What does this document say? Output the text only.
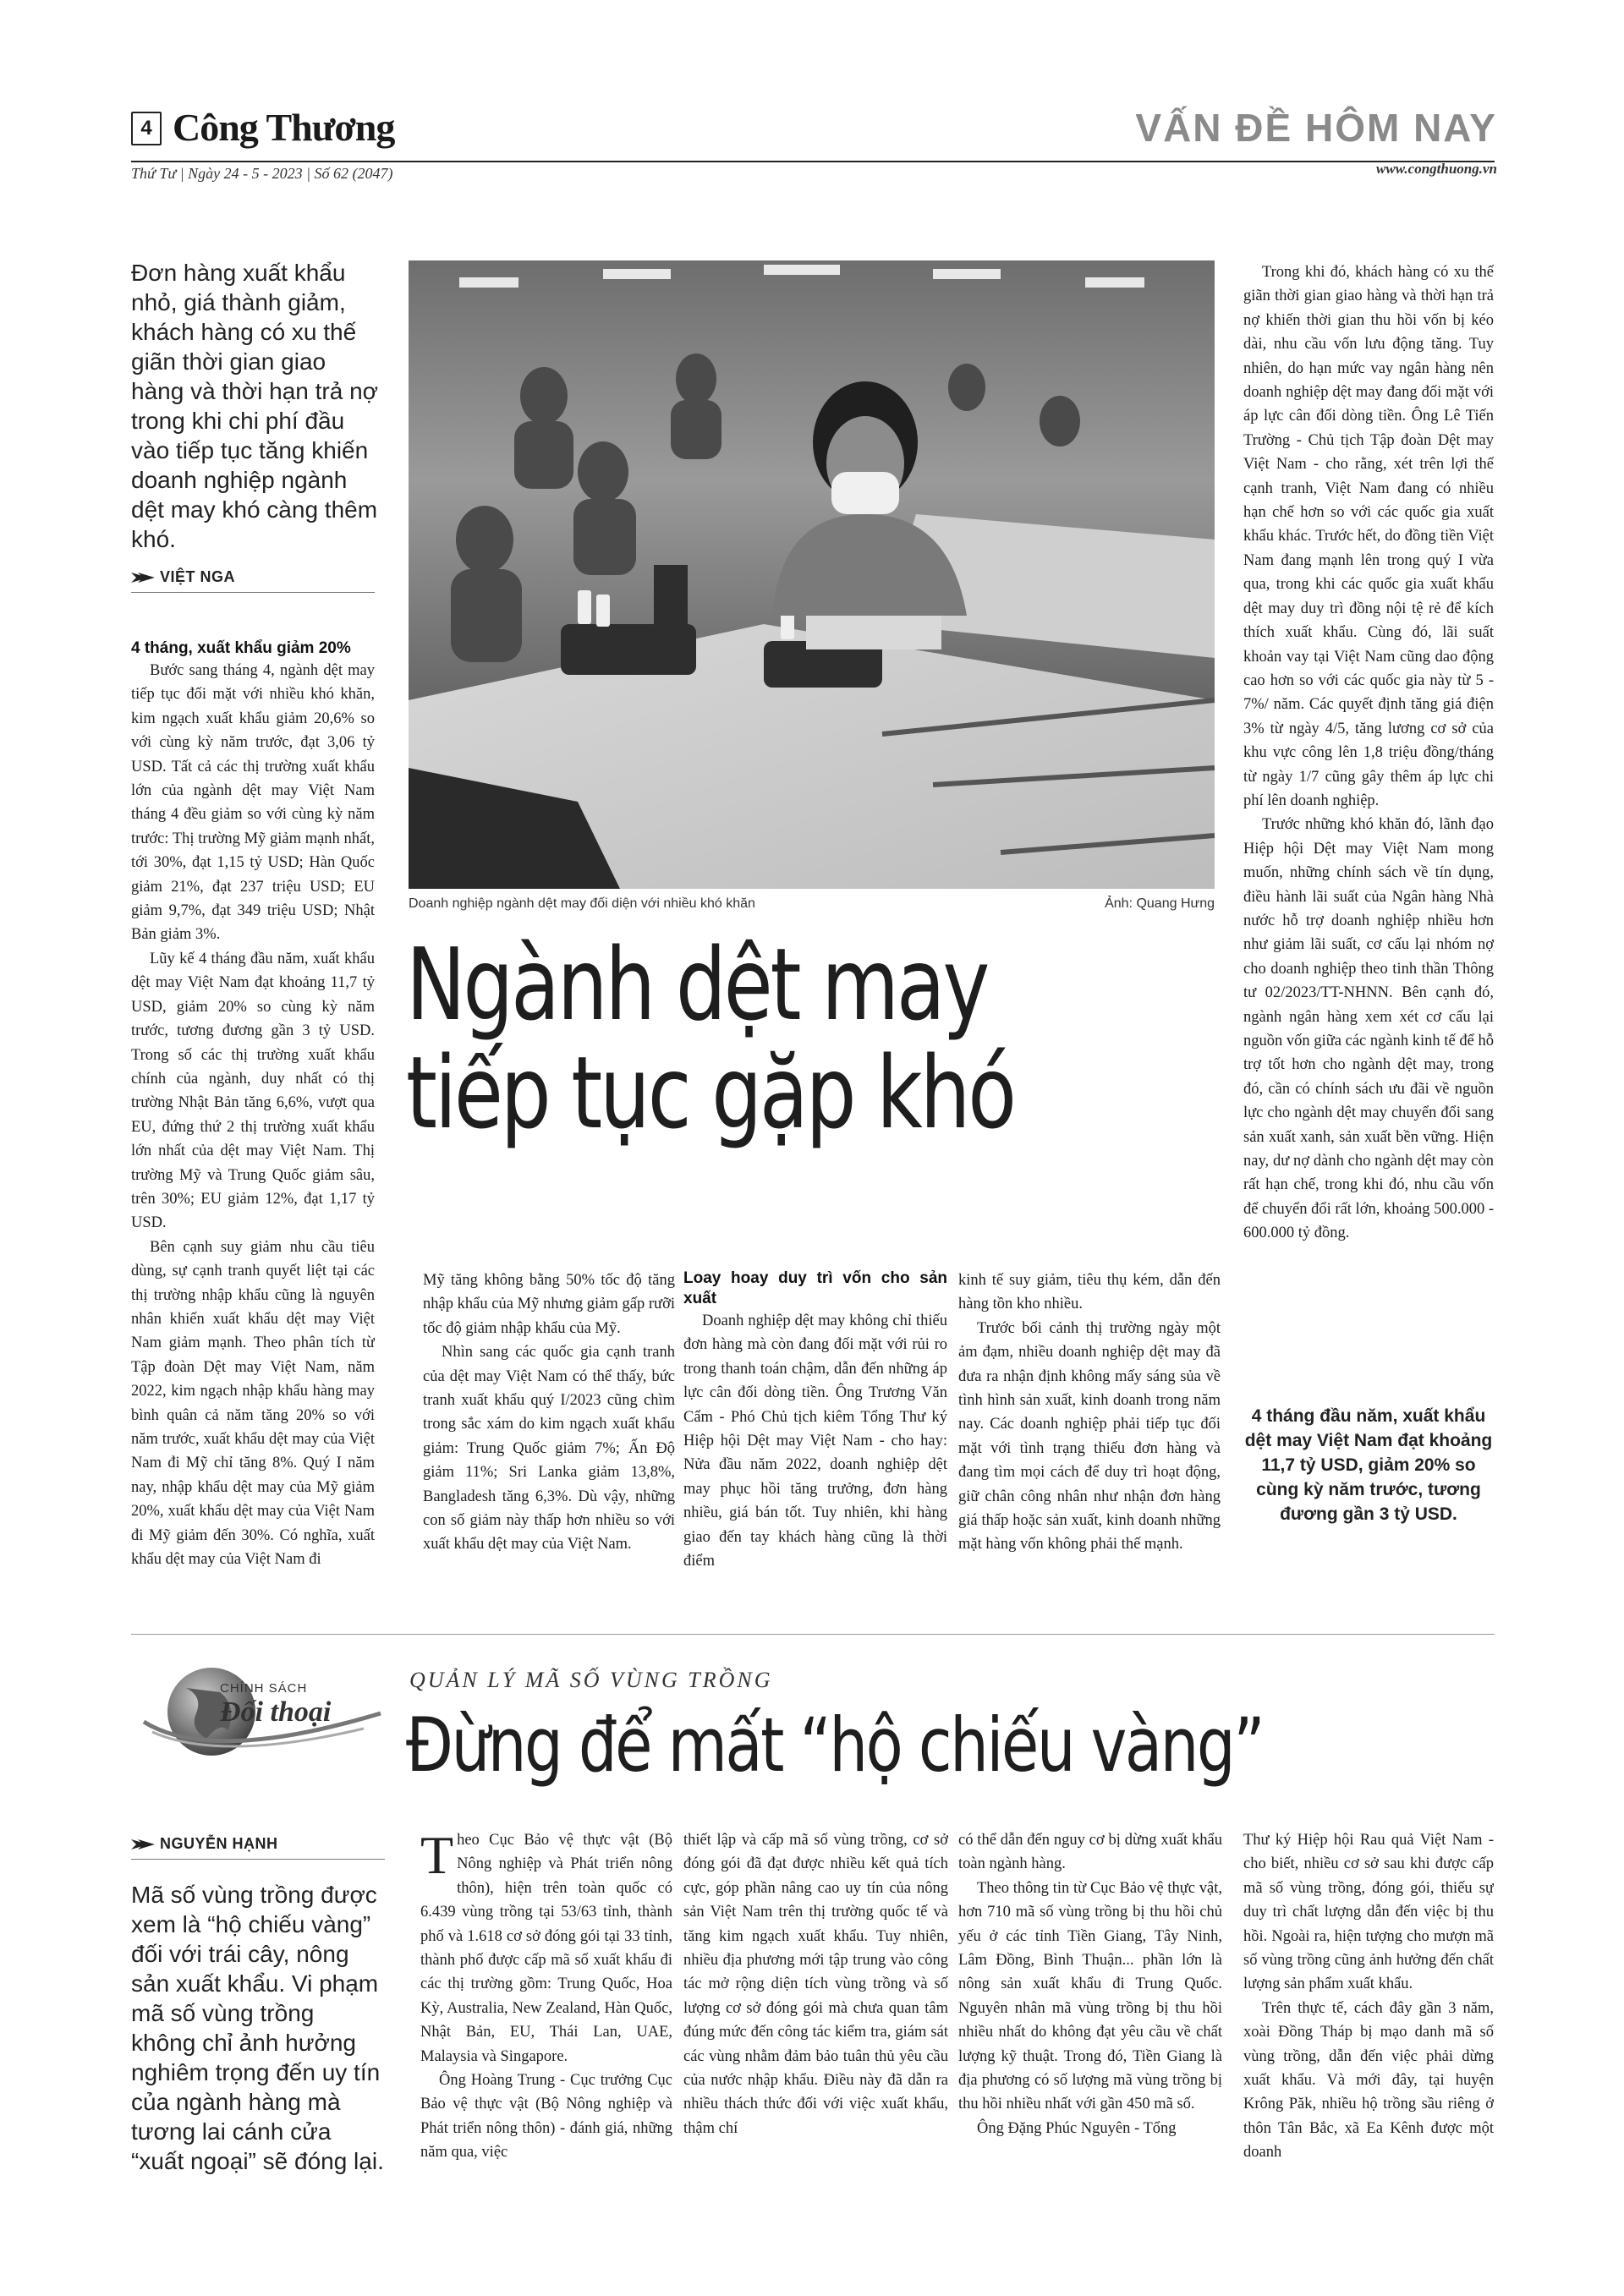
4 Công Thương	VẤN ĐỀ HÔM NAY
Thứ Tư | Ngày 24 - 5 - 2023 | Số 62 (2047)	www.congthuong.vn
Đơn hàng xuất khẩu nhỏ, giá thành giảm, khách hàng có xu thế giãn thời gian giao hàng và thời hạn trả nợ trong khi chi phí đầu vào tiếp tục tăng khiến doanh nghiệp ngành dệt may khó càng thêm khó.
VIỆT NGA

4 tháng, xuất khẩu giảm 20%

Bước sang tháng 4, ngành dệt may tiếp tục đối mặt với nhiều khó khăn, kim ngạch xuất khẩu giảm 20,6% so với cùng kỳ năm trước, đạt 3,06 tỷ USD. Tất cả các thị trường xuất khẩu lớn của ngành dệt may Việt Nam tháng 4 đều giảm so với cùng kỳ năm trước: Thị trường Mỹ giảm mạnh nhất, tới 30%, đạt 1,15 tỷ USD; Hàn Quốc giảm 21%, đạt 237 triệu USD; EU giảm 9,7%, đạt 349 triệu USD; Nhật Bản giảm 3%.

Lũy kế 4 tháng đầu năm, xuất khẩu dệt may Việt Nam đạt khoảng 11,7 tỷ USD, giảm 20% so cùng kỳ năm trước, tương đương gần 3 tỷ USD. Trong số các thị trường xuất khẩu chính của ngành, duy nhất có thị trường Nhật Bản tăng 6,6%, vượt qua EU, đứng thứ 2 thị trường xuất khẩu lớn nhất của dệt may Việt Nam. Thị trường Mỹ và Trung Quốc giảm sâu, trên 30%; EU giảm 12%, đạt 1,17 tỷ USD.

Bên cạnh suy giảm nhu cầu tiêu dùng, sự cạnh tranh quyết liệt tại các thị trường nhập khẩu cũng là nguyên nhân khiến xuất khẩu dệt may Việt Nam giảm mạnh. Theo phân tích từ Tập đoàn Dệt may Việt Nam, năm 2022, kim ngạch nhập khẩu hàng may bình quân cả năm tăng 20% so với năm trước, xuất khẩu dệt may của Việt Nam đi Mỹ chỉ tăng 8%. Quý I năm nay, nhập khẩu dệt may của Mỹ giảm 20%, xuất khẩu dệt may của Việt Nam đi Mỹ giảm đến 30%. Có nghĩa, xuất khẩu dệt may của Việt Nam đi

Doanh nghiệp ngành dệt may đối diện với nhiều khó khăn	Ảnh: Quang Hưng
Ngành dệt may
tiếp tục gặp khó

Mỹ tăng không bằng 50% tốc độ tăng nhập khẩu của Mỹ nhưng giảm gấp rưỡi tốc độ giảm nhập khẩu của Mỹ.

Nhìn sang các quốc gia cạnh tranh của dệt may Việt Nam có thể thấy, bức tranh xuất khẩu quý I/2023 cũng chìm trong sắc xám do kim ngạch xuất khẩu giảm: Trung Quốc giảm 7%; Ấn Độ giảm 11%; Sri Lanka giảm 13,8%, Bangladesh tăng 6,3%. Dù vậy, những con số giảm này thấp hơn nhiều so với xuất khẩu dệt may của Việt Nam.

Loay hoay duy trì vốn cho sản xuất

Doanh nghiệp dệt may không chỉ thiếu đơn hàng mà còn đang đối mặt với rủi ro trong thanh toán chậm, dẫn đến những áp lực cân đối dòng tiền. Ông Trương Văn Cẩm - Phó Chủ tịch kiêm Tổng Thư ký Hiệp hội Dệt may Việt Nam - cho hay: Nửa đầu năm 2022, doanh nghiệp dệt may phục hồi tăng trưởng, đơn hàng nhiều, giá bán tốt. Tuy nhiên, khi hàng giao đến tay khách hàng cũng là thời điểm

kinh tế suy giảm, tiêu thụ kém, dẫn đến hàng tồn kho nhiều.

Trước bối cảnh thị trường ngày một ảm đạm, nhiều doanh nghiệp dệt may đã đưa ra nhận định không mấy sáng sủa về tình hình sản xuất, kinh doanh trong năm nay. Các doanh nghiệp phải tiếp tục đối mặt với tình trạng thiếu đơn hàng và đang tìm mọi cách để duy trì hoạt động, giữ chân công nhân như nhận đơn hàng giá thấp hoặc sản xuất, kinh doanh những mặt hàng vốn không phải thế mạnh.

Trong khi đó, khách hàng có xu thế giãn thời gian giao hàng và thời hạn trả nợ khiến thời gian thu hồi vốn bị kéo dài, nhu cầu vốn lưu động tăng. Tuy nhiên, do hạn mức vay ngân hàng nên doanh nghiệp dệt may đang đối mặt với áp lực cân đối dòng tiền. Ông Lê Tiến Trường - Chủ tịch Tập đoàn Dệt may Việt Nam - cho rằng, xét trên lợi thế cạnh tranh, Việt Nam đang có nhiều hạn chế hơn so với các quốc gia xuất khẩu khác. Trước hết, do đồng tiền Việt Nam đang mạnh lên trong quý I vừa qua, trong khi các quốc gia xuất khẩu dệt may duy trì đồng nội tệ rẻ để kích thích xuất khẩu. Cùng đó, lãi suất khoản vay tại Việt Nam cũng dao động cao hơn so với các quốc gia này từ 5 - 7%/ năm. Các quyết định tăng giá điện 3% từ ngày 4/5, tăng lương cơ sở của khu vực công lên 1,8 triệu đồng/tháng từ ngày 1/7 cũng gây thêm áp lực chi phí lên doanh nghiệp.

Trước những khó khăn đó, lãnh đạo Hiệp hội Dệt may Việt Nam mong muốn, những chính sách về tín dụng, điều hành lãi suất của Ngân hàng Nhà nước hỗ trợ doanh nghiệp nhiều hơn như giảm lãi suất, cơ cấu lại nhóm nợ cho doanh nghiệp theo tinh thần Thông tư 02/2023/TT-NHNN. Bên cạnh đó, ngành ngân hàng xem xét cơ cấu lại nguồn vốn giữa các ngành kinh tế để hỗ trợ tốt hơn cho ngành dệt may, trong đó, cần có chính sách ưu đãi về nguồn lực cho ngành dệt may chuyển đổi sang sản xuất xanh, sản xuất bền vững. Hiện nay, dư nợ dành cho ngành dệt may còn rất hạn chế, trong khi đó, nhu cầu vốn để chuyển đổi rất lớn, khoảng 500.000 - 600.000 tỷ đồng.

4 tháng đầu năm, xuất khẩu dệt may Việt Nam đạt khoảng 11,7 tỷ USD, giảm 20% so cùng kỳ năm trước, tương đương gần 3 tỷ USD.
CHÍNH SÁCH
Đối thoại
QUẢN LÝ MÃ SỐ VÙNG TRỒNG
Đừng để mất “hộ chiếu vàng”
NGUYỄN HẠNH
Mã số vùng trồng được xem là “hộ chiếu vàng” đối với trái cây, nông sản xuất khẩu. Vi phạm mã số vùng trồng không chỉ ảnh hưởng nghiêm trọng đến uy tín của ngành hàng mà tương lai cánh cửa “xuất ngoại” sẽ đóng lại.

Theo Cục Bảo vệ thực vật (Bộ Nông nghiệp và Phát triển nông thôn), hiện trên toàn quốc có 6.439 vùng trồng tại 53/63 tỉnh, thành phố và 1.618 cơ sở đóng gói tại 33 tỉnh, thành phố được cấp mã số xuất khẩu đi các thị trường gồm: Trung Quốc, Hoa Kỳ, Australia, New Zealand, Hàn Quốc, Nhật Bản, EU, Thái Lan, UAE, Malaysia và Singapore.

Ông Hoàng Trung - Cục trưởng Cục Bảo vệ thực vật (Bộ Nông nghiệp và Phát triển nông thôn) - đánh giá, những năm qua, việc

thiết lập và cấp mã số vùng trồng, cơ sở đóng gói đã đạt được nhiều kết quả tích cực, góp phần nâng cao uy tín của nông sản Việt Nam trên thị trường quốc tế và tăng kim ngạch xuất khẩu. Tuy nhiên, nhiều địa phương mới tập trung vào công tác mở rộng diện tích vùng trồng và số lượng cơ sở đóng gói mà chưa quan tâm đúng mức đến công tác kiểm tra, giám sát các vùng nhằm đảm bảo tuân thủ yêu cầu của nước nhập khẩu. Điều này đã dẫn ra nhiều thách thức đối với việc xuất khẩu, thậm chí

có thể dẫn đến nguy cơ bị dừng xuất khẩu toàn ngành hàng.

Theo thông tin từ Cục Bảo vệ thực vật, hơn 710 mã số vùng trồng bị thu hồi chủ yếu ở các tỉnh Tiền Giang, Tây Ninh, Lâm Đồng, Bình Thuận... phần lớn là nông sản xuất khẩu đi Trung Quốc. Nguyên nhân mã vùng trồng bị thu hồi nhiều nhất do không đạt yêu cầu về chất lượng kỹ thuật. Trong đó, Tiền Giang là địa phương có số lượng mã vùng trồng bị thu hồi nhiều nhất với gần 450 mã số.

Ông Đặng Phúc Nguyên - Tổng

Thư ký Hiệp hội Rau quả Việt Nam - cho biết, nhiều cơ sở sau khi được cấp mã số vùng trồng, đóng gói, thiếu sự duy trì chất lượng dẫn đến việc bị thu hồi. Ngoài ra, hiện tượng cho mượn mã số vùng trồng cũng ảnh hưởng đến chất lượng sản phẩm xuất khẩu.

Trên thực tế, cách đây gần 3 năm, xoài Đồng Tháp bị mạo danh mã số vùng trồng, dẫn đến việc phải dừng xuất khẩu. Và mới đây, tại huyện Krông Păk, nhiều hộ trồng sầu riêng ở thôn Tân Bắc, xã Ea Kênh được một doanh
